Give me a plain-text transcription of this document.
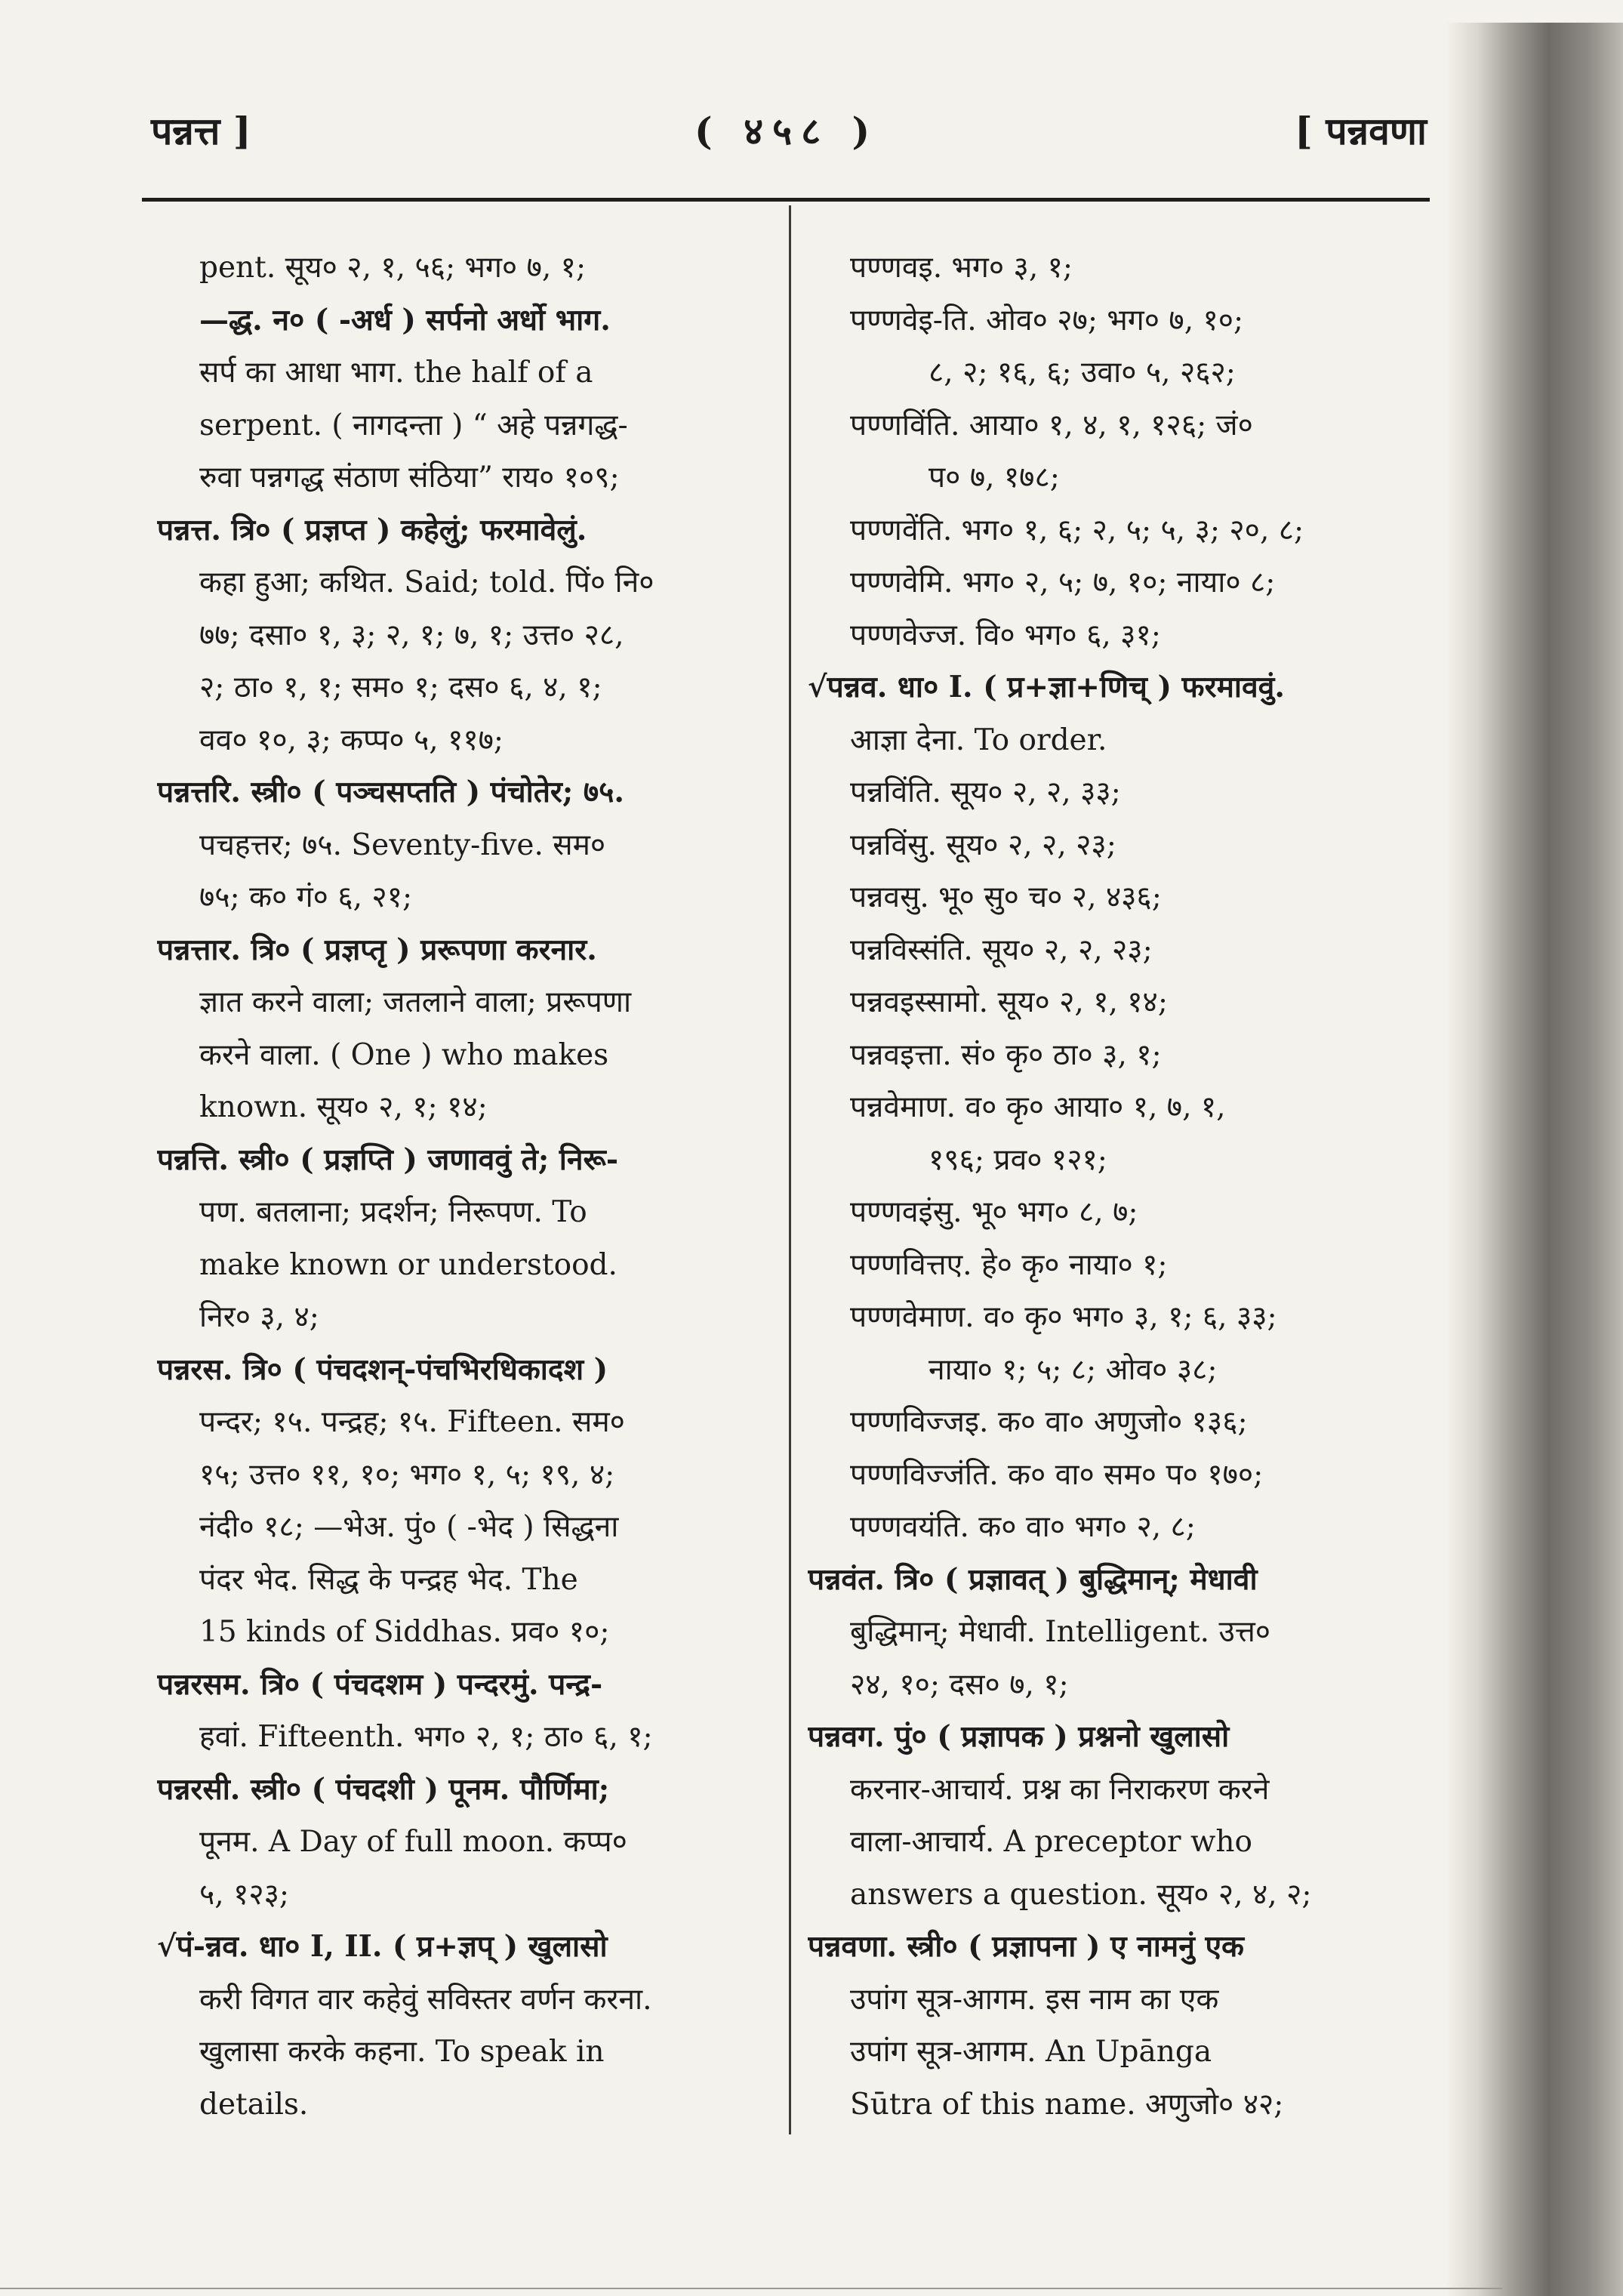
पन्नत्त ]	( ४५८ )	[ पन्नवणा
pent. सूय० २, १, ५६; भग० ७, १;
—द्ध. न० ( -अर्ध ) सर्पनो अर्धो भाग.
सर्प का आधा भाग. the half of a
serpent. ( नागदन्ता ) “ अहे पन्नगद्ध-
रुवा पन्नगद्ध संठाण संठिया” राय० १०९;
पन्नत्त. त्रि० ( प्रज्ञप्त ) कहेलुं; फरमावेलुं.
कहा हुआ; कथित. Said; told. पिं० नि०
७७; दसा० १, ३; २, १; ७, १; उत्त० २८,
२; ठा० १, १; सम० १; दस० ६, ४, १;
वव० १०, ३; कप्प० ५, ११७;
पन्नत्तरि. स्त्री० ( पञ्चसप्तति ) पंचोतेर; ७५.
पचहत्तर; ७५. Seventy-five. सम०
७५; क० गं० ६, २१;
पन्नत्तार. त्रि० ( प्रज्ञप्तृ ) प्ररूपणा करनार.
ज्ञात करने वाला; जतलाने वाला; प्ररूपणा
करने वाला. ( One ) who makes
known. सूय० २, १; १४;
पन्नत्ति. स्त्री० ( प्रज्ञप्ति ) जणाववुं ते; निरू-
पण. बतलाना; प्रदर्शन; निरूपण. To
make known or understood.
निर० ३, ४;
पन्नरस. त्रि० ( पंचदशन्-पंचभिरधिकादश )
पन्दर; १५. पन्द्रह; १५. Fifteen. सम०
१५; उत्त० ११, १०; भग० १, ५; १९, ४;
नंदी० १८; —भेअ. पुं० ( -भेद ) सिद्धना
पंदर भेद. सिद्ध के पन्द्रह भेद. The
15 kinds of Siddhas. प्रव० १०;
पन्नरसम. त्रि० ( पंचदशम ) पन्दरमुं. पन्द्र-
हवां. Fifteenth. भग० २, १; ठा० ६, १;
पन्नरसी. स्त्री० ( पंचदशी ) पूनम. पौर्णिमा;
पूनम. A Day of full moon. कप्प०
५, १२३;
√पं-न्नव. धा० I, II. ( प्र+ज्ञप् ) खुलासो
करी विगत वार कहेवुं सविस्तर वर्णन करना.
खुलासा करके कहना. To speak in
details.
पण्णवइ. भग० ३, १;
पण्णवेइ-ति. ओव० २७; भग० ७, १०;
८, २; १६, ६; उवा० ५, २६२;
पण्णविंति. आया० १, ४, १, १२६; जं०
प० ७, १७८;
पण्णवेंति. भग० १, ६; २, ५; ५, ३; २०, ८;
पण्णवेमि. भग० २, ५; ७, १०; नाया० ८;
पण्णवेज्ज. वि० भग० ६, ३१;
√पन्नव. धा० I. ( प्र+ज्ञा+णिच् ) फरमाववुं.
आज्ञा देना. To order.
पन्नविंति. सूय० २, २, ३३;
पन्नविंसु. सूय० २, २, २३;
पन्नवसु. भू० सु० च० २, ४३६;
पन्नविस्संति. सूय० २, २, २३;
पन्नवइस्सामो. सूय० २, १, १४;
पन्नवइत्ता. सं० कृ० ठा० ३, १;
पन्नवेमाण. व० कृ० आया० १, ७, १,
१९६; प्रव० १२१;
पण्णवइंसु. भू० भग० ८, ७;
पण्णवित्तए. हे० कृ० नाया० १;
पण्णवेमाण. व० कृ० भग० ३, १; ६, ३३;
नाया० १; ५; ८; ओव० ३८;
पण्णविज्जइ. क० वा० अणुजो० १३६;
पण्णविज्जंति. क० वा० सम० प० १७०;
पण्णवयंति. क० वा० भग० २, ८;
पन्नवंत. त्रि० ( प्रज्ञावत् ) बुद्धिमान्; मेधावी
बुद्धिमान्; मेधावी. Intelligent. उत्त०
२४, १०; दस० ७, १;
पन्नवग. पुं० ( प्रज्ञापक ) प्रश्ननो खुलासो
करनार-आचार्य. प्रश्न का निराकरण करने
वाला-आचार्य. A preceptor who
answers a question. सूय० २, ४, २;
पन्नवणा. स्त्री० ( प्रज्ञापना ) ए नामनुं एक
उपांग सूत्र-आगम. इस नाम का एक
उपांग सूत्र-आगम. An Upānga
Sūtra of this name. अणुजो० ४२;
